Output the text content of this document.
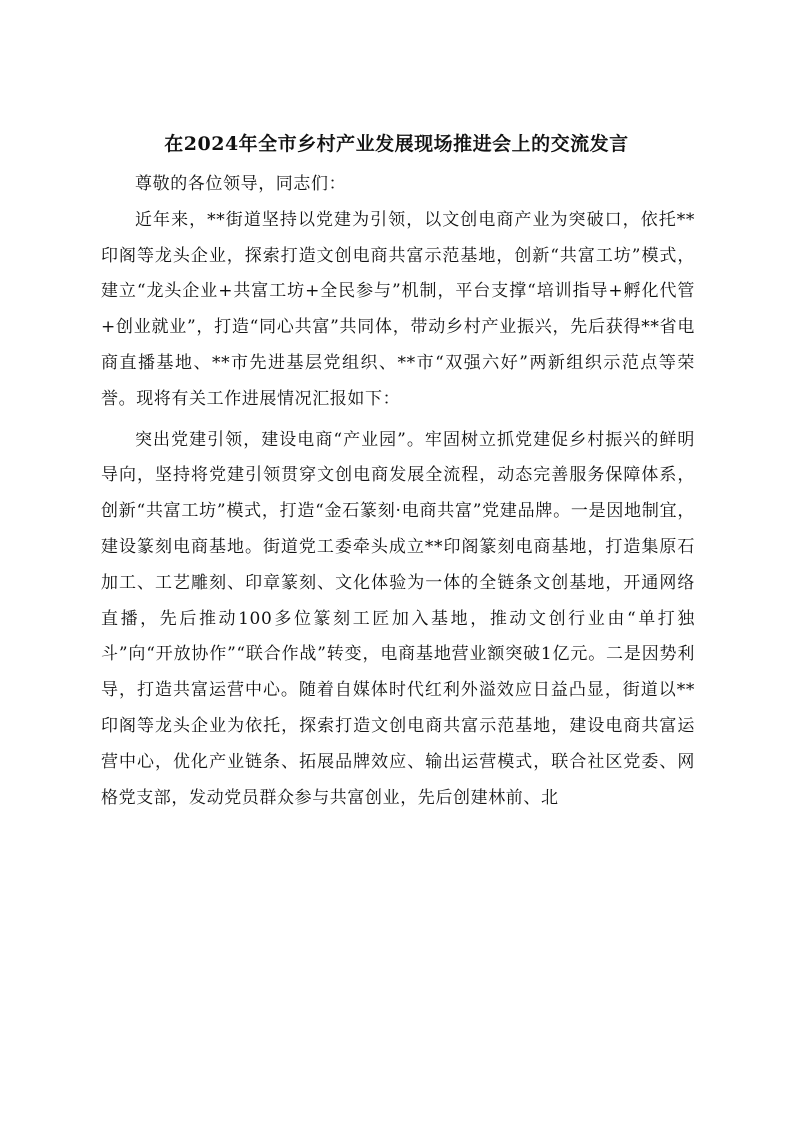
在2024年全市乡村产业发展现场推进会上的交流发言

尊敬的各位领导，同志们：

近年来，**街道坚持以党建为引领，以文创电商产业为突破口，依托**印阁等龙头企业，探索打造文创电商共富示范基地，创新“共富工坊”模式，建立“龙头企业+共富工坊+全民参与”机制，平台支撑“培训指导+孵化代管+创业就业”，打造“同心共富”共同体，带动乡村产业振兴，先后获得**省电商直播基地、**市先进基层党组织、**市“双强六好”两新组织示范点等荣誉。现将有关工作进展情况汇报如下：

突出党建引领，建设电商“产业园”。牢固树立抓党建促乡村振兴的鲜明导向，坚持将党建引领贯穿文创电商发展全流程，动态完善服务保障体系，创新“共富工坊”模式，打造“金石篆刻·电商共富”党建品牌。一是因地制宜，建设篆刻电商基地。街道党工委牵头成立**印阁篆刻电商基地，打造集原石加工、工艺雕刻、印章篆刻、文化体验为一体的全链条文创基地，开通网络直播，先后推动100多位篆刻工匠加入基地，推动文创行业由“单打独斗”向“开放协作”“联合作战”转变，电商基地营业额突破1亿元。二是因势利导，打造共富运营中心。随着自媒体时代红利外溢效应日益凸显，街道以**印阁等龙头企业为依托，探索打造文创电商共富示范基地，建设电商共富运营中心，优化产业链条、拓展品牌效应、输出运营模式，联合社区党委、网格党支部，发动党员群众参与共富创业，先后创建林前、北
